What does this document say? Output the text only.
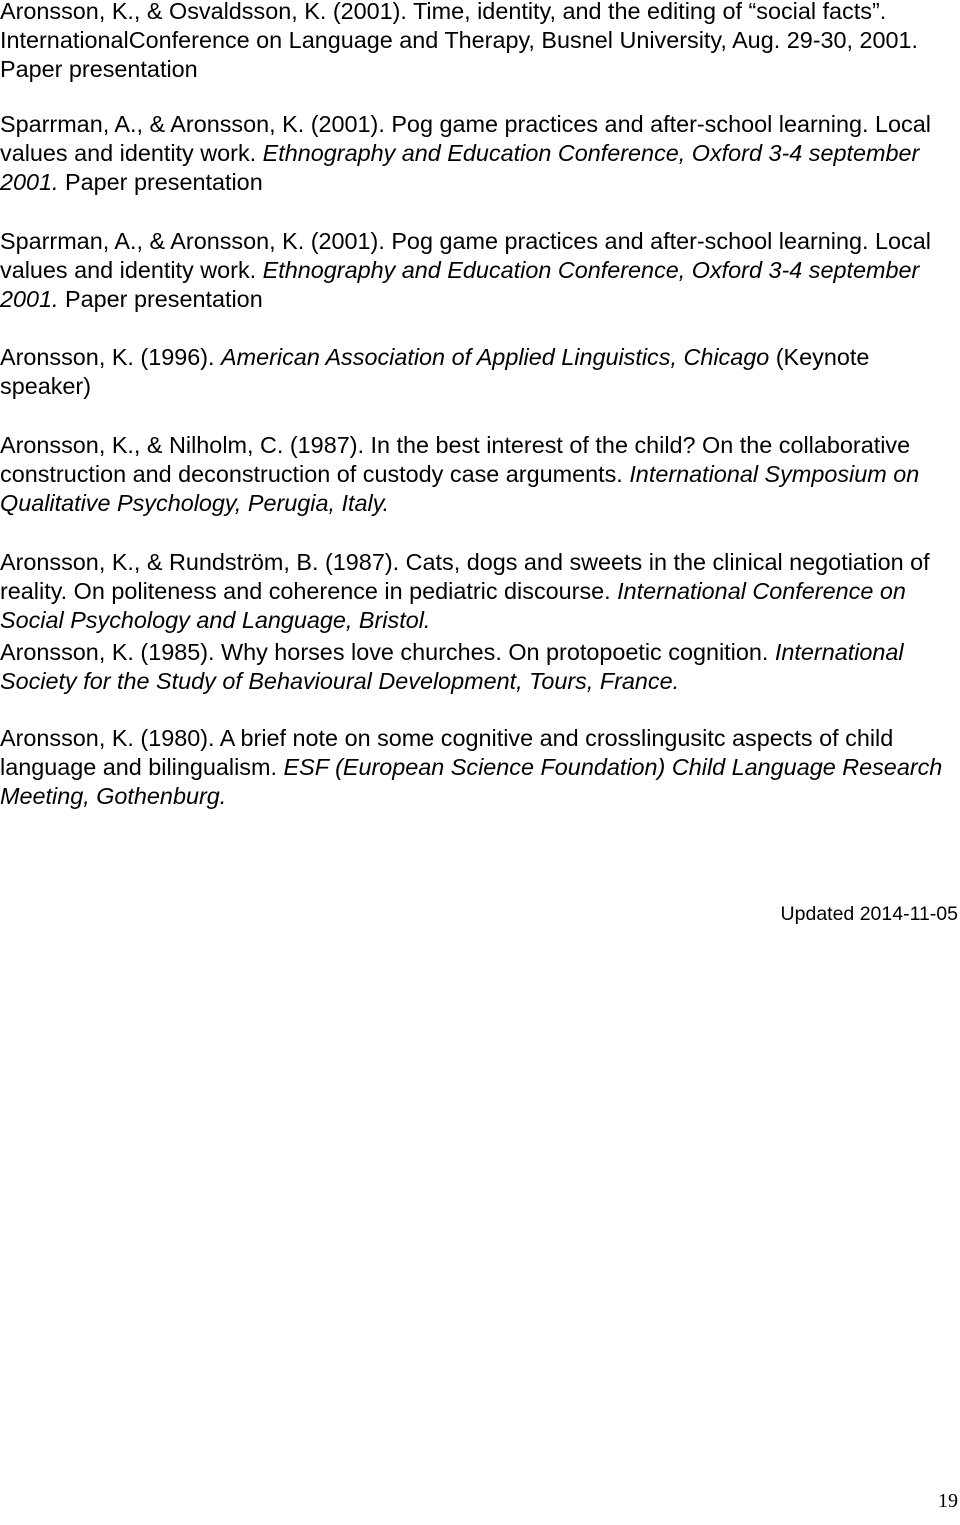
Aronsson, K., & Osvaldsson, K. (2001). Time, identity, and the editing of “social facts”. InternationalConference on Language and Therapy, Busnel University, Aug. 29-30, 2001. Paper presentation

Sparrman, A., & Aronsson, K. (2001). Pog game practices and after-school learning. Local values and identity work. Ethnography and Education Conference, Oxford 3-4 september 2001. Paper presentation

Sparrman, A., & Aronsson, K. (2001). Pog game practices and after-school learning. Local values and identity work. Ethnography and Education Conference, Oxford 3-4 september 2001. Paper presentation

Aronsson, K. (1996). American Association of Applied Linguistics, Chicago (Keynote speaker)

Aronsson, K., & Nilholm, C. (1987). In the best interest of the child? On the collaborative construction and deconstruction of custody case arguments. International Symposium on Qualitative Psychology, Perugia, Italy.

Aronsson, K., & Rundström, B. (1987). Cats, dogs and sweets in the clinical negotiation of reality. On politeness and coherence in pediatric discourse. International Conference on Social Psychology and Language, Bristol.

Aronsson, K. (1985). Why horses love churches. On protopoetic cognition. International Society for the Study of Behavioural Development, Tours, France.

Aronsson, K. (1980). A brief note on some cognitive and crosslingusitc aspects of child language and bilingualism. ESF (European Science Foundation) Child Language Research Meeting, Gothenburg.

Updated 2014-11-05
19
